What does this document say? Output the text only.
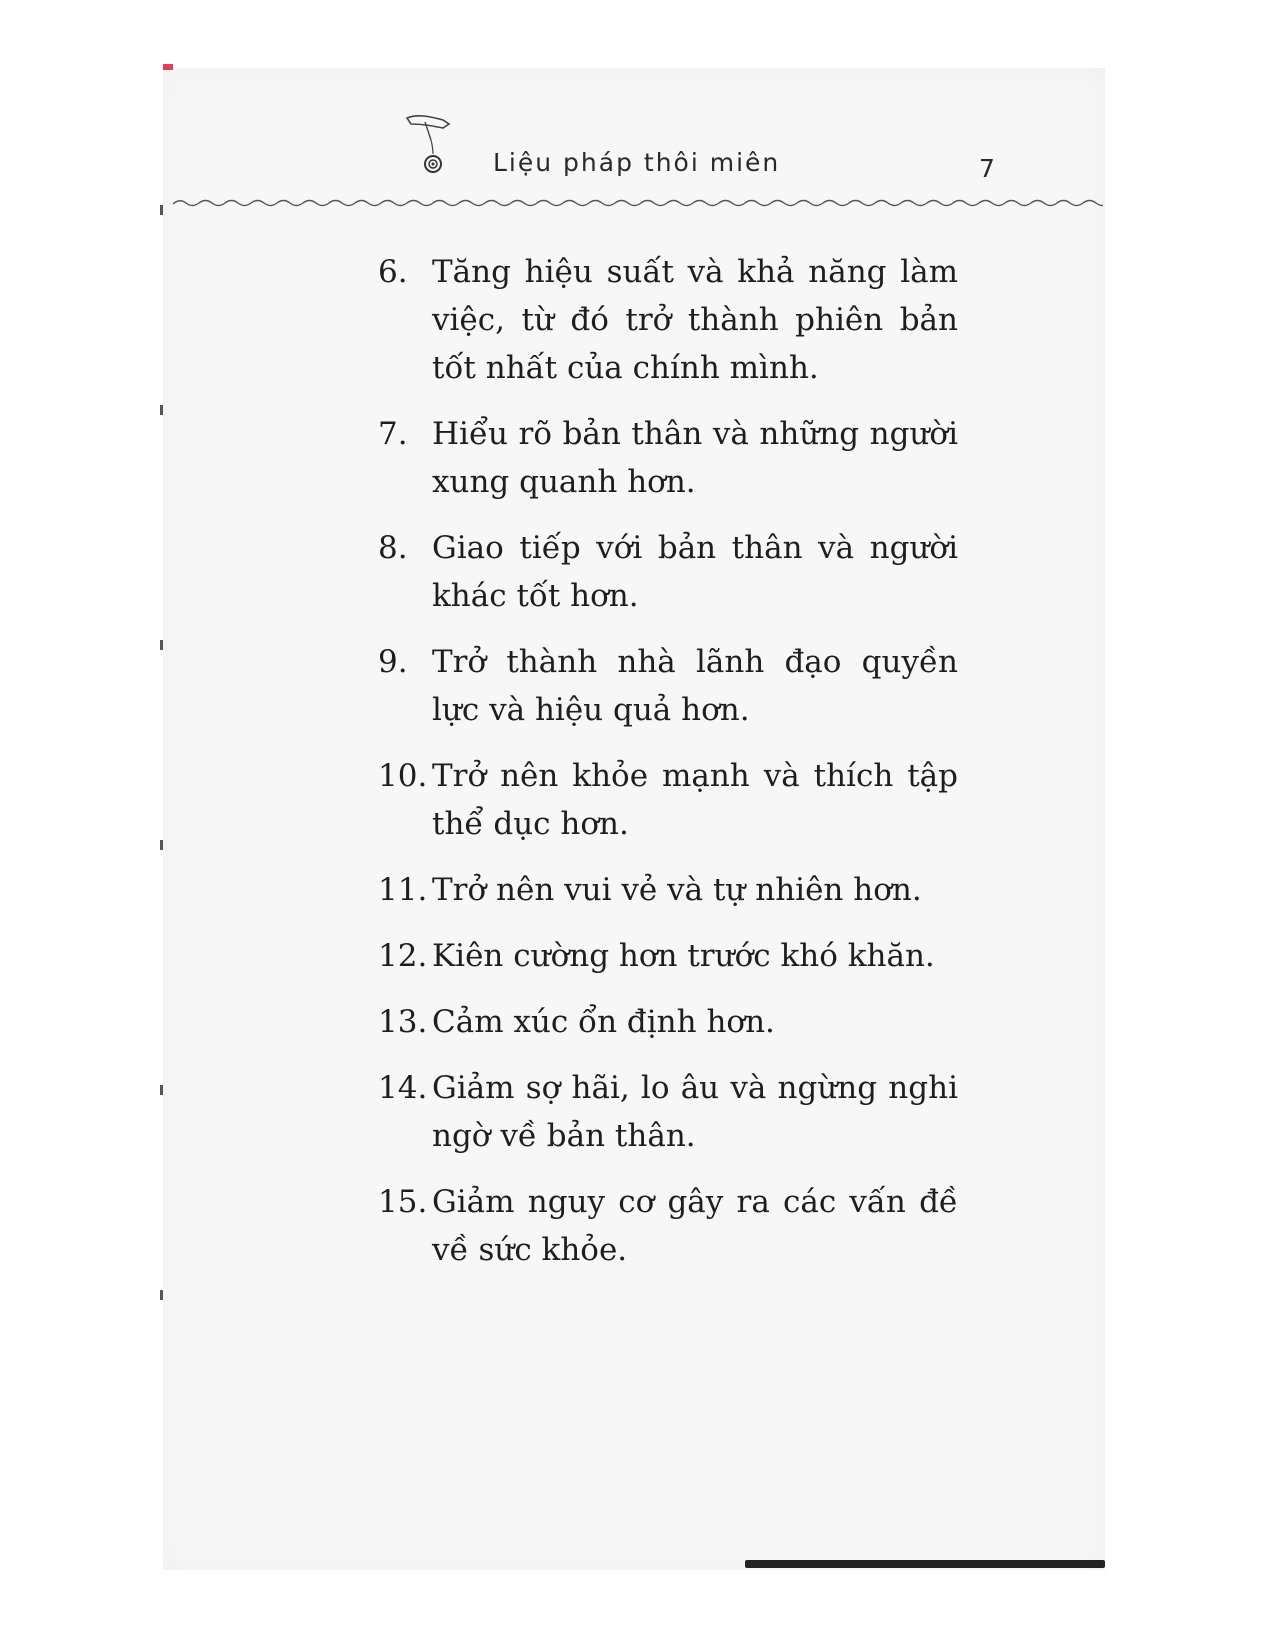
Liệu pháp thôi miên	7
6. Tăng hiệu suất và khả năng làm việc, từ đó trở thành phiên bản tốt nhất của chính mình.
7. Hiểu rõ bản thân và những người xung quanh hơn.
8. Giao tiếp với bản thân và người khác tốt hơn.
9. Trở thành nhà lãnh đạo quyền lực và hiệu quả hơn.
10. Trở nên khỏe mạnh và thích tập thể dục hơn.
11. Trở nên vui vẻ và tự nhiên hơn.
12. Kiên cường hơn trước khó khăn.
13. Cảm xúc ổn định hơn.
14. Giảm sợ hãi, lo âu và ngừng nghi ngờ về bản thân.
15. Giảm nguy cơ gây ra các vấn đề về sức khỏe.
